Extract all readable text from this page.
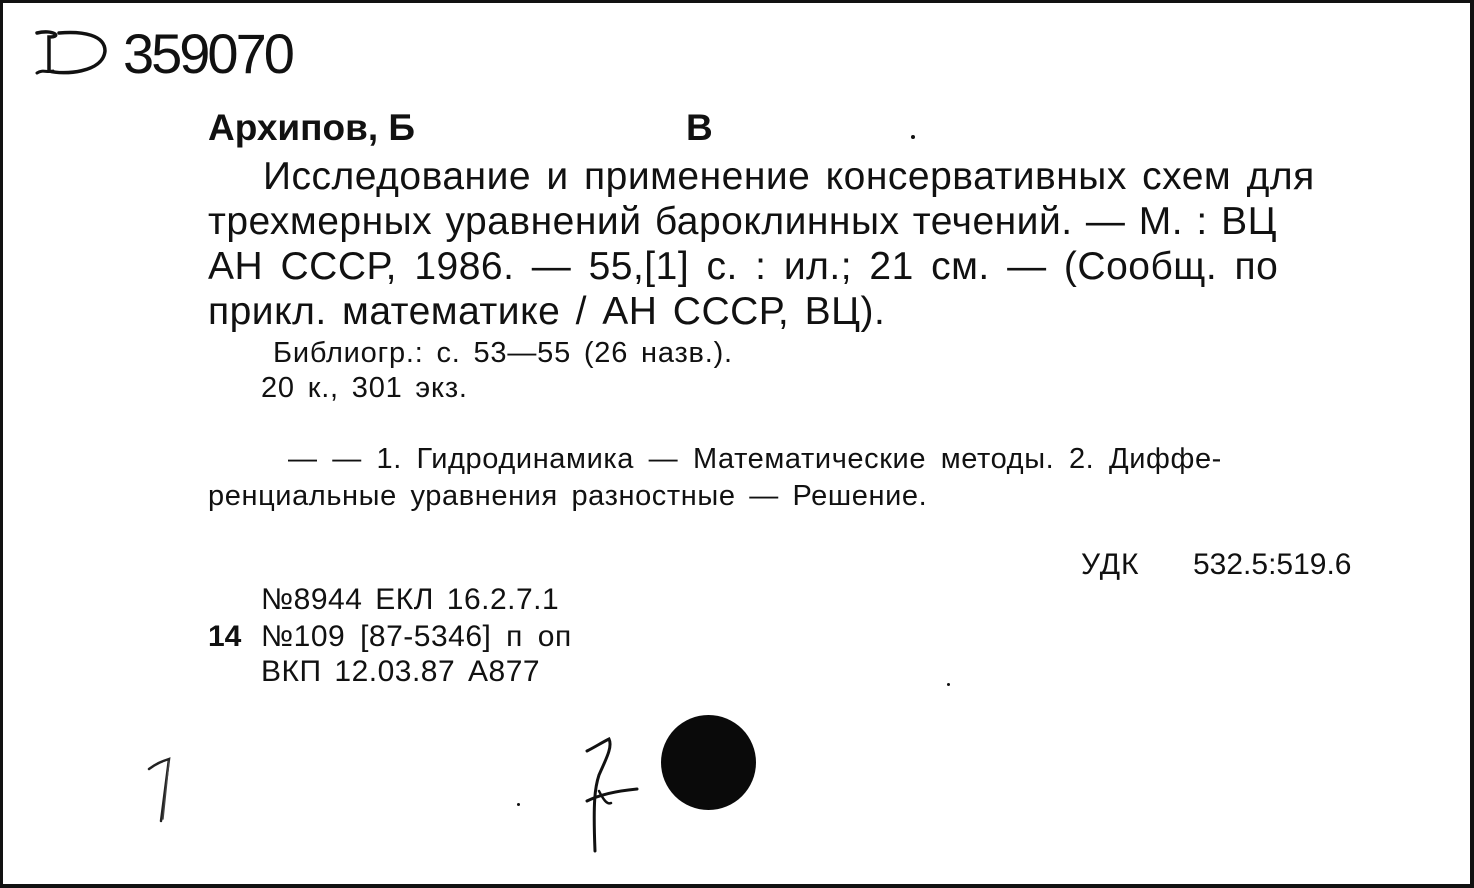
359070
Архипов, Б	В
Исследование и применение консервативных схем для
трехмерных уравнений бароклинных течений. — М. : ВЦ
АН СССР, 1986. — 55,[1] с. : ил.; 21 см. — (Сообщ. по
прикл. математике / АН СССР, ВЦ).
Библиогр.: с. 53—55 (26 назв.).
20 к., 301 экз.
— — 1. Гидродинамика — Математические методы. 2. Диффе-
ренциальные уравнения разностные — Решение.
УДК 532.5:519.6
№8944 ЕКЛ 16.2.7.1
14 №109 [87-5346] п оп
ВКП 12.03.87 А877
